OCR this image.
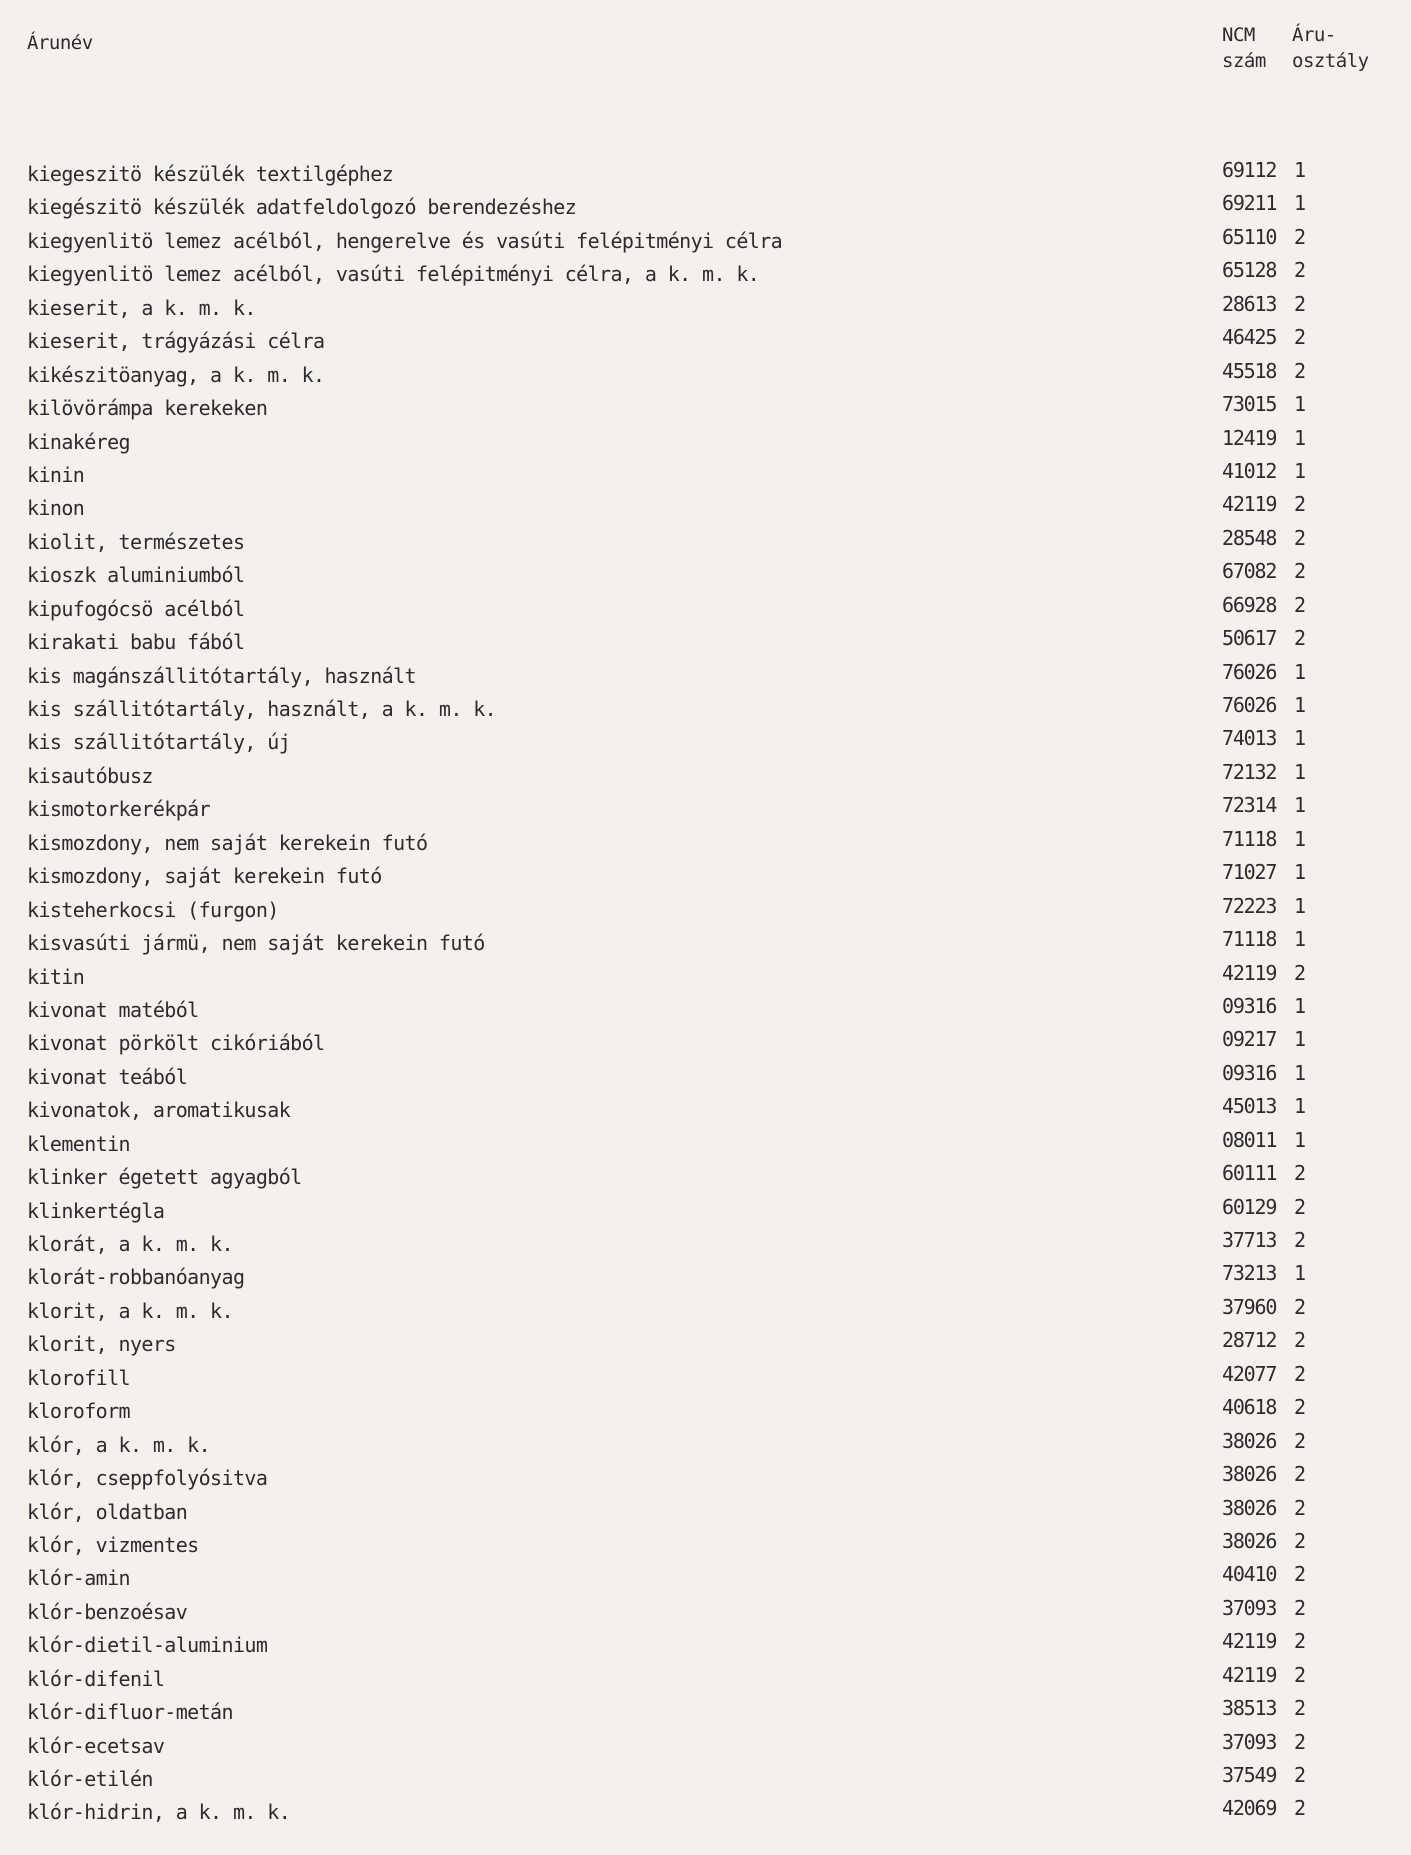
Árunév	NCM
szám
Áru-
osztály
kiegeszitö készülék textilgéphez	69112 1
kiegészitö készülék adatfeldolgozó berendezéshez	69211 1
kiegyenlitö lemez acélból, hengerelve és vasúti felépitményi célra	65110 2
kiegyenlitö lemez acélból, vasúti felépitményi célra, a k. m. k.	65128 2
kieserit, a k. m. k.	28613 2
kieserit, trágyázási célra	46425 2
kikészitöanyag, a k. m. k.	45518 2
kilövörámpa kerekeken	73015 1
kinakéreg	12419 1
kinin	41012 1
kinon	42119 2
kiolit, természetes	28548 2
kioszk aluminiumból	67082 2
kipufogócsö acélból	66928 2
kirakati babu fából	50617 2
kis magánszállitótartály, használt	76026 1
kis szállitótartály, használt, a k. m. k.	76026 1
kis szállitótartály, új	74013 1
kisautóbusz	72132 1
kismotorkerékpár	72314 1
kismozdony, nem saját kerekein futó	71118 1
kismozdony, saját kerekein futó	71027 1
kisteherkocsi (furgon)	72223 1
kisvasúti jármü, nem saját kerekein futó	71118 1
kitin	42119 2
kivonat matéból	09316 1
kivonat pörkölt cikóriából	09217 1
kivonat teából	09316 1
kivonatok, aromatikusak	45013 1
klementin	08011 1
klinker égetett agyagból	60111 2
klinkertégla	60129 2
klorát, a k. m. k.	37713 2
klorát-robbanóanyag	73213 1
klorit, a k. m. k.	37960 2
klorit, nyers	28712 2
klorofill	42077 2
kloroform	40618 2
klór, a k. m. k.	38026 2
klór, cseppfolyósitva	38026 2
klór, oldatban	38026 2
klór, vizmentes	38026 2
klór-amin	40410 2
klór-benzoésav	37093 2
klór-dietil-aluminium	42119 2
klór-difenil	42119 2
klór-difluor-metán	38513 2
klór-ecetsav	37093 2
klór-etilén	37549 2
klór-hidrin, a k. m. k.	42069 2
